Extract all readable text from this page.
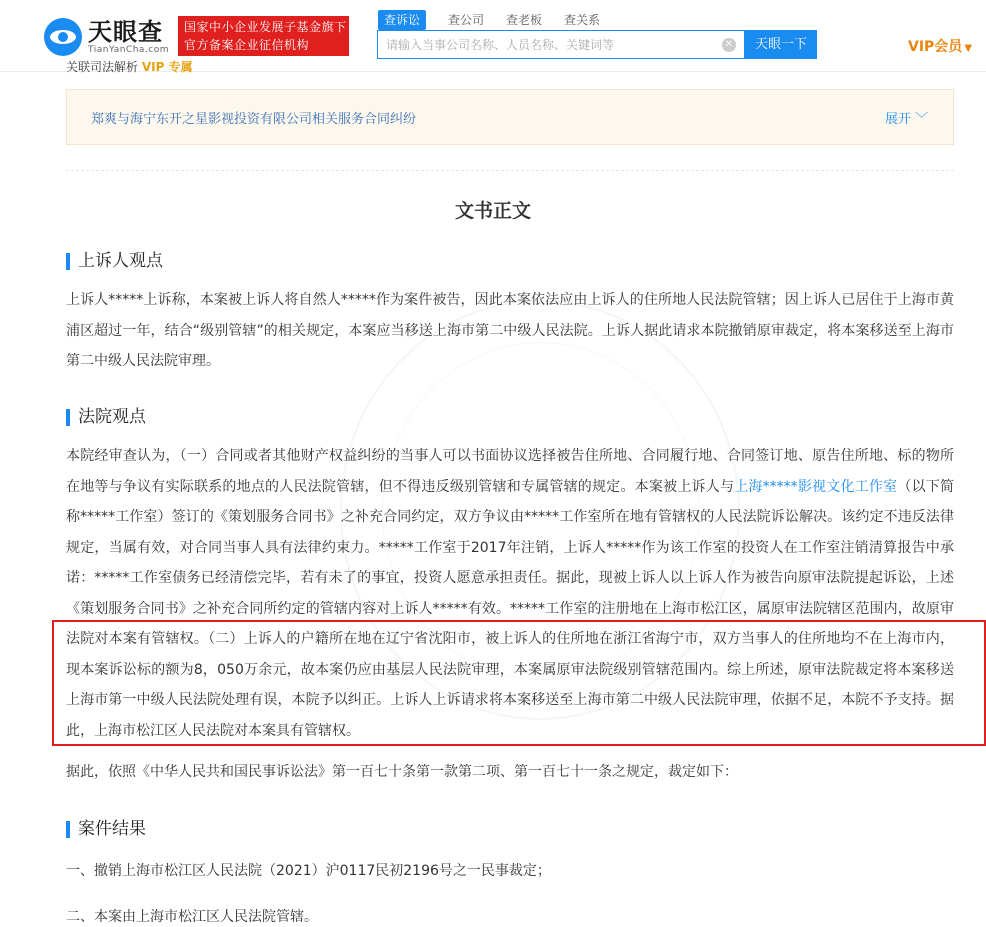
天眼查
TianYanCha.com
国家中小企业发展子基金旗下
官方备案企业征信机构
查诉讼	查公司 查老板 查关系
请输入当事公司名称、人员名称、关键词等
✕	天眼一下	VIP会员 ▼
关联司法解析 VIP 专属
郑爽与海宁东开之星影视投资有限公司相关服务合同纠纷	展开 ﹀
文书正文
上诉人观点
上诉人*****上诉称，本案被上诉人将自然人*****作为案件被告，因此本案依法应由上诉人的住所地人民法院管辖；因上诉人已居住于上海市黄浦区超过一年，结合“级别管辖”的相关规定，本案应当移送上海市第二中级人民法院。上诉人据此请求本院撤销原审裁定，将本案移送至上海市第二中级人民法院审理。
法院观点
本院经审查认为，（一）合同或者其他财产权益纠纷的当事人可以书面协议选择被告住所地、合同履行地、合同签订地、原告住所地、标的物所在地等与争议有实际联系的地点的人民法院管辖，但不得违反级别管辖和专属管辖的规定。本案被上诉人与上海*****影视文化工作室（以下简称*****工作室）签订的《策划服务合同书》之补充合同约定，双方争议由*****工作室所在地有管辖权的人民法院诉讼解决。该约定不违反法律规定，当属有效，对合同当事人具有法律约束力。*****工作室于2017年注销，上诉人*****作为该工作室的投资人在工作室注销清算报告中承诺：*****工作室债务已经清偿完毕，若有未了的事宜，投资人愿意承担责任。据此，现被上诉人以上诉人作为被告向原审法院提起诉讼，上述《策划服务合同书》之补充合同所约定的管辖内容对上诉人*****有效。*****工作室的注册地在上海市松江区，属原审法院辖区范围内，故原审法院对本案有管辖权。（二）上诉人的户籍所在地在辽宁省沈阳市，被上诉人的住所地在浙江省海宁市，双方当事人的住所地均不在上海市内，现本案诉讼标的额为8，050万余元，故本案仍应由基层人民法院审理，本案属原审法院级别管辖范围内。综上所述，原审法院裁定将本案移送上海市第一中级人民法院处理有误，本院予以纠正。上诉人上诉请求将本案移送至上海市第二中级人民法院审理，依据不足，本院不予支持。据此，上海市松江区人民法院对本案具有管辖权。
据此，依照《中华人民共和国民事诉讼法》第一百七十条第一款第二项、第一百七十一条之规定，裁定如下：
案件结果
一、撤销上海市松江区人民法院（2021）沪0117民初2196号之一民事裁定；
二、本案由上海市松江区人民法院管辖。
